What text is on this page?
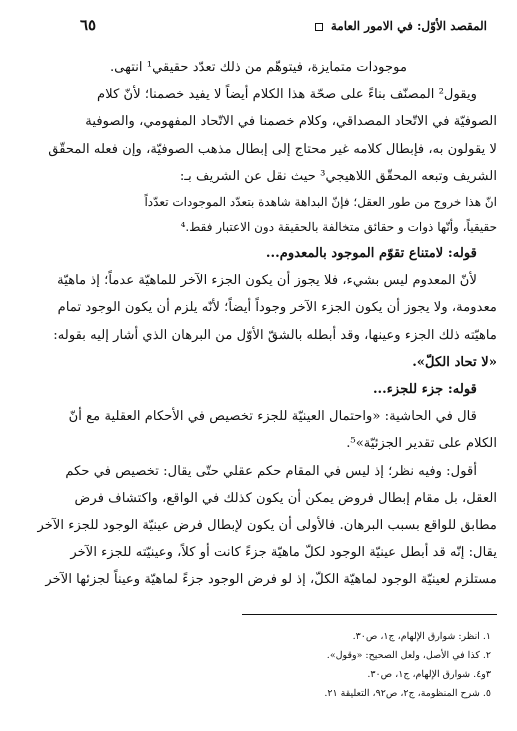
المقصد الأوّل: في الامور العامة
٦٥

موجودات متمايزة، فيتوهّم من ذلك تعدّد حقيقي¹ انتهى.

ويقول² المصنّف بناءً على صحّة هذا الكلام أيضاً لا يفيد خصمنا؛ لأنّ كلام

الصوفيّة في الاتّحاد المصداقي، وكلام خصمنا في الاتّحاد المفهومي، والصوفية

لا يقولون به، فإبطال كلامه غير محتاج إلى إبطال مذهب الصوفيّة، وإن فعله المحقّق

الشريف وتبعه المحقّق اللاهيجي³ حيث نقل عن الشريف بـ:

انّ هذا خروج من طور العقل؛ فإنّ البداهة شاهدة بتعدّد الموجودات تعدّداً

حقيقياً، وأنّها ذوات و حقائق متخالفة بالحقيقة دون الاعتبار فقط.⁴

قوله: لامتناع تقوّم الموجود بالمعدوم...

لأنّ المعدوم ليس بشيء، فلا يجوز أن يكون الجزء الآخر للماهيّة عدماً؛ إذ ماهيّة

معدومة، ولا يجوز أن يكون الجزء الآخر وجوداً أيضاً؛ لأنّه يلزم أن يكون الوجود تمام

ماهيّته ذلك الجزء وعينها، وقد أبطله بالشقّ الأوّل من البرهان الذي أشار إليه بقوله:

«لا تحاد الكلّ».

قوله: جزء للجزء...

قال في الحاشية: «واحتمال العينيّة للجزء تخصيص في الأحكام العقلية مع أنّ

الكلام على تقدير الجزئيّة»⁵.

أقول: وفيه نظر؛ إذ ليس في المقام حكم عقلي حتّى يقال: تخصيص في حكم

العقل، بل مقام إبطال فروض يمكن أن يكون كذلك في الواقع، واكتشاف فرض

مطابق للواقع بسبب البرهان. فالأولى أن يكون لإبطال فرض عينيّة الوجود للجزء الآخر

يقال: إنّه قد أبطل عينيّة الوجود لكلّ ماهيّة جزءً كانت أو كلاً، وعينيّته للجزء الآخر

مستلزم لعينيّة الوجود لماهيّة الكلّ، إذ لو فرض الوجود جزءً لماهيّة وعيناً لجزئها الآخر

١. انظر: شوارق الإلهام، ج١، ص٣٠.

٢. كذا في الأصل، ولعل الصحيح: «وقول».

٣و٤. شوارق الإلهام، ج١، ص٣٠.

٥. شرح المنظومة، ج٢، ص٩٢، التعليقة ٢١.
